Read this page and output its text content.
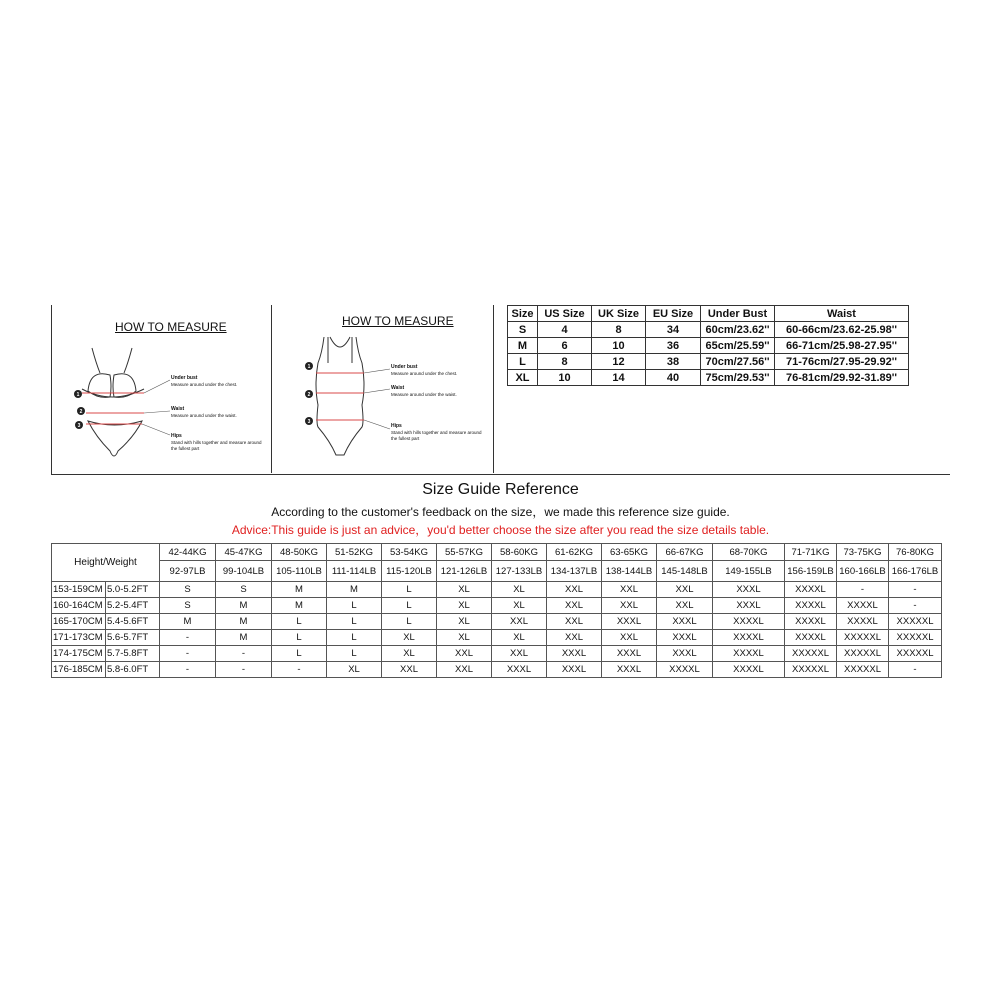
HOW TO MEASURE
1
2
3
Under bust
Measure around under the chest.
Waist
Measure around under the waist.
Hips
Stand with hills together and measure around the fullest part
HOW TO MEASURE
1
2
3
Under bust
Measure around under the chest.
Waist
Measure around under the waist.
Hips
Stand with hills together and measure around the fullest part
Size	US Size	UK Size	EU Size	Under Bust	Waist
S	4	8	34	60cm/23.62''	60-66cm/23.62-25.98''
M	6	10	36	65cm/25.59''	66-71cm/25.98-27.95''
L	8	12	38	70cm/27.56''	71-76cm/27.95-29.92''
XL	10	14	40	75cm/29.53''	76-81cm/29.92-31.89''
Size Guide Reference
According to the customer's feedback on the size，we made this reference size guide.
Advice:This guide is just an advice，you'd better choose the size after you read the size details table.
Height/Weight		42-44KG	45-47KG	48-50KG	51-52KG	53-54KG	55-57KG	58-60KG	61-62KG	63-65KG	66-67KG	68-70KG	71-71KG	73-75KG	76-80KG
		92-97LB	99-104LB	105-110LB	111-114LB	115-120LB	121-126LB	127-133LB	134-137LB	138-144LB	145-148LB	149-155LB	156-159LB	160-166LB	166-176LB
153-159CM	5.0-5.2FT	S	S	M	M	L	XL	XL	XXL	XXL	XXL	XXXL	XXXXL	-	-
160-164CM	5.2-5.4FT	S	M	M	L	L	XL	XL	XXL	XXL	XXL	XXXL	XXXXL	XXXXL	-
165-170CM	5.4-5.6FT	M	M	L	L	L	XL	XXL	XXL	XXXL	XXXL	XXXXL	XXXXL	XXXXL	XXXXXL
171-173CM	5.6-5.7FT	-	M	L	L	XL	XL	XL	XXL	XXL	XXXL	XXXXL	XXXXL	XXXXXL	XXXXXL
174-175CM	5.7-5.8FT	-	-	L	L	XL	XXL	XXL	XXXL	XXXL	XXXL	XXXXL	XXXXXL	XXXXXL	XXXXXL
176-185CM	5.8-6.0FT	-	-	-	XL	XXL	XXL	XXXL	XXXL	XXXL	XXXXL	XXXXL	XXXXXL	XXXXXL	-
